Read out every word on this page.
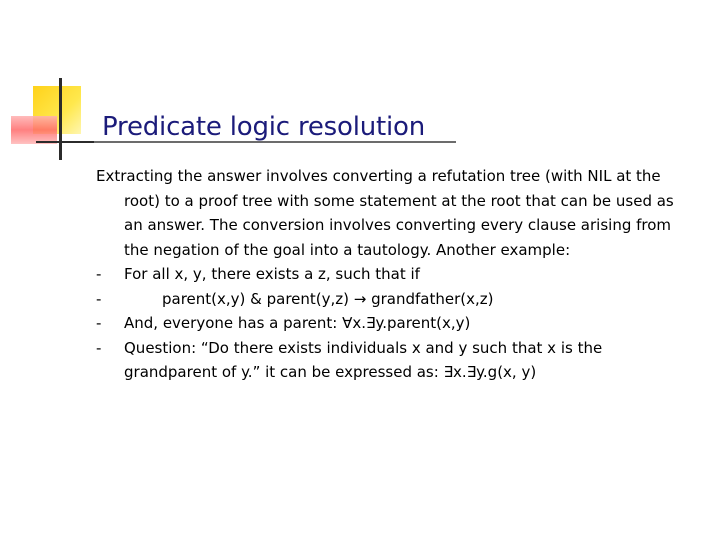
Predicate logic resolution

Extracting the answer involves converting a refutation tree (with NIL at the root) to a proof tree with some statement at the root that can be used as an answer. The conversion involves converting every clause arising from the negation of the goal into a tautology. Another example:

- For all x, y, there exists a z, such that if
-	parent(x,y) & parent(y,z) → grandfather(x,z)
- And, everyone has a parent: ∀x.∃y.parent(x,y)
- Question: “Do there exists individuals x and y such that x is the grandparent of y.” it can be expressed as: ∃x.∃y.g(x, y)
